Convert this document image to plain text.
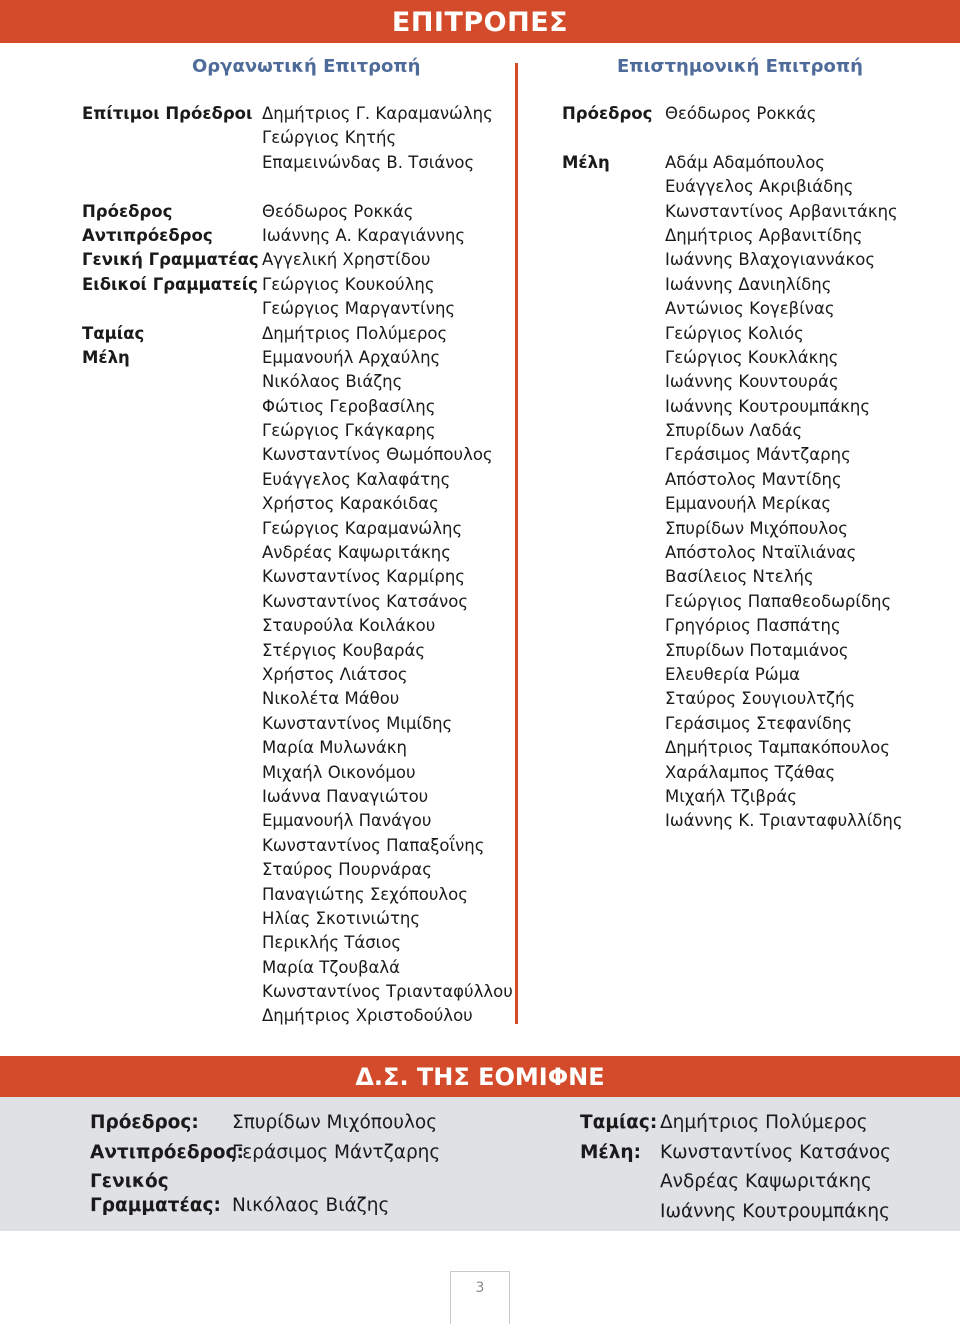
ΕΠΙΤΡΟΠΕΣ
Οργανωτική Επιτροπή	Επιστημονική Επιτροπή
Επίτιμοι Πρόεδροι
Πρόεδρος
Αντιπρόεδρος
Γενική Γραμματέας
Ειδικοί Γραμματείς
Ταμίας
Μέλη
Δημήτριος Γ. Καραμανώλης
Γεώργιος Κητής
Επαμεινώνδας Β. Τσιάνος
Θεόδωρος Ροκκάς
Ιωάννης Α. Καραγιάννης
Αγγελική Χρηστίδου
Γεώργιος Κουκούλης
Γεώργιος Μαργαντίνης
Δημήτριος Πολύμερος
Εμμανουήλ Αρχαύλης
Νικόλαος Βιάζης
Φώτιος Γεροβασίλης
Γεώργιος Γκάγκαρης
Κωνσταντίνος Θωμόπουλος
Ευάγγελος Καλαφάτης
Χρήστος Καρακόιδας
Γεώργιος Καραμανώλης
Ανδρέας Καψωριτάκης
Κωνσταντίνος Καρμίρης
Κωνσταντίνος Κατσάνος
Σταυρούλα Κοιλάκου
Στέργιος Κουβαράς
Χρήστος Λιάτσος
Νικολέτα Μάθου
Κωνσταντίνος Μιμίδης
Μαρία Μυλωνάκη
Μιχαήλ Οικονόμου
Ιωάννα Παναγιώτου
Εμμανουήλ Πανάγου
Κωνσταντίνος Παπαξοΐνης
Σταύρος Πουρνάρας
Παναγιώτης Σεχόπουλος
Ηλίας Σκοτινιώτης
Περικλής Τάσιος
Μαρία Τζουβαλά
Κωνσταντίνος Τριανταφύλλου
Δημήτριος Χριστοδούλου
Πρόεδρος
Μέλη
Θεόδωρος Ροκκάς
Αδάμ Αδαμόπουλος
Ευάγγελος Ακριβιάδης
Κωνσταντίνος Αρβανιτάκης
Δημήτριος Αρβανιτίδης
Ιωάννης Βλαχογιαννάκος
Ιωάννης Δανιηλίδης
Αντώνιος Κογεβίνας
Γεώργιος Κολιός
Γεώργιος Κουκλάκης
Ιωάννης Κουντουράς
Ιωάννης Κουτρουμπάκης
Σπυρίδων Λαδάς
Γεράσιμος Μάντζαρης
Απόστολος Μαντίδης
Εμμανουήλ Μερίκας
Σπυρίδων Μιχόπουλος
Απόστολος Νταϊλιάνας
Βασίλειος Ντελής
Γεώργιος Παπαθεοδωρίδης
Γρηγόριος Πασπάτης
Σπυρίδων Ποταμιάνος
Ελευθερία Ρώμα
Σταύρος Σουγιουλτζής
Γεράσιμος Στεφανίδης
Δημήτριος Ταμπακόπουλος
Χαράλαμπος Τζάθας
Μιχαήλ Τζιβράς
Ιωάννης Κ. Τριανταφυλλίδης
Δ.Σ. ΤΗΣ ΕΟΜΙΦΝΕ
Πρόεδρος: Σπυρίδων Μιχόπουλος
Αντιπρόεδρος:
Γεράσιμος Μάντζαρης
Γενικός
Γραμματέας: Νικόλαος Βιάζης
Ταμίας: Δημήτριος Πολύμερος
Μέλη: Κωνσταντίνος Κατσάνος
Ανδρέας Καψωριτάκης
Ιωάννης Κουτρουμπάκης
3
